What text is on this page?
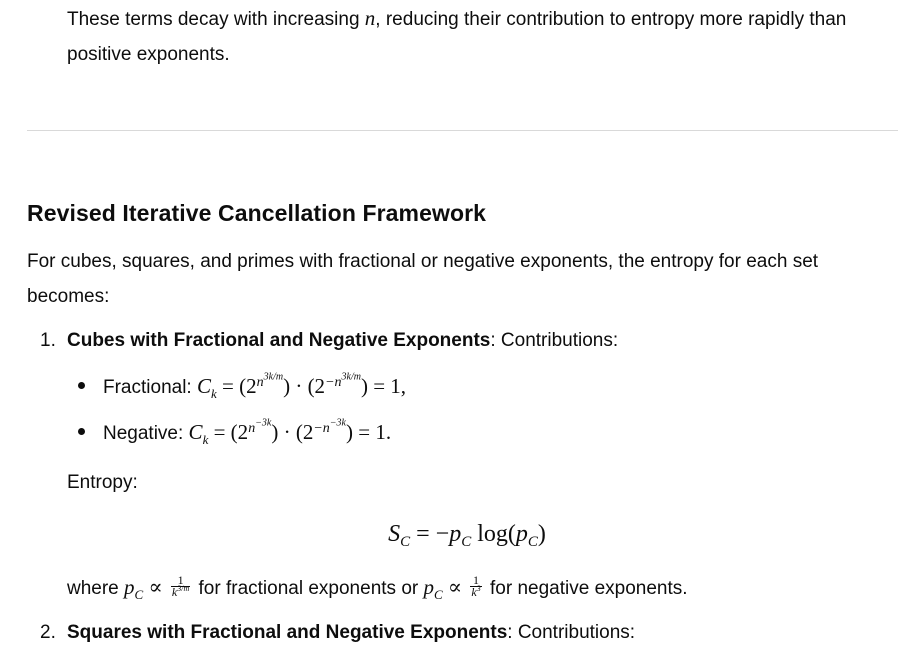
These terms decay with increasing n, reducing their contribution to entropy more rapidly than positive exponents.

Revised Iterative Cancellation Framework

For cubes, squares, and primes with fractional or negative exponents, the entropy for each set becomes:

1. Cubes with Fractional and Negative Exponents: Contributions:

Fractional: $C_k = (2^{n^{3k/m}}) \cdot (2^{-n^{3k/m}}) = 1$,

Negative: $C_k = (2^{n^{-3k}}) \cdot (2^{-n^{-3k}}) = 1$.

Entropy:

$S_C = -p_C$ $\log(p_C)$

where $p_C \propto \frac{1}{k^{3/m}}$ for fractional exponents or $p_C \propto \frac{1}{k^3}$ for negative exponents.

2. Squares with Fractional and Negative Exponents: Contributions:
